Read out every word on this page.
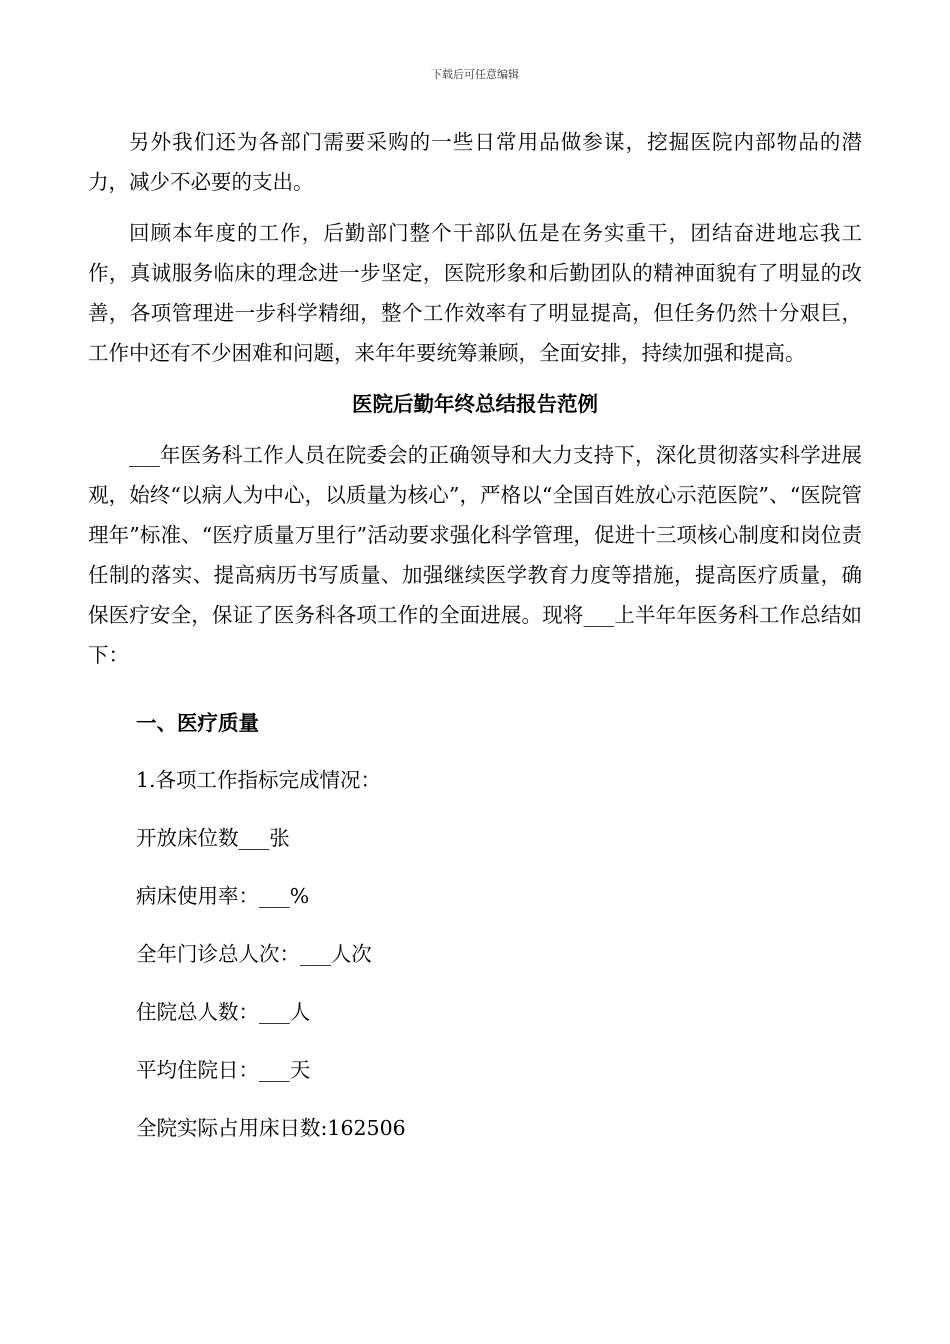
下载后可任意编辑

另外我们还为各部门需要采购的一些日常用品做参谋，挖掘医院内部物品的潜力，减少不必要的支出。

回顾本年度的工作，后勤部门整个干部队伍是在务实重干，团结奋进地忘我工作，真诚服务临床的理念进一步坚定，医院形象和后勤团队的精神面貌有了明显的改善，各项管理进一步科学精细，整个工作效率有了明显提高，但任务仍然十分艰巨，工作中还有不少困难和问题，来年年要统筹兼顾，全面安排，持续加强和提高。

医院后勤年终总结报告范例

___年医务科工作人员在院委会的正确领导和大力支持下，深化贯彻落实科学进展观，始终“以病人为中心，以质量为核心”，严格以“全国百姓放心示范医院”、“医院管理年”标准、“医疗质量万里行”活动要求强化科学管理，促进十三项核心制度和岗位责任制的落实、提高病历书写质量、加强继续医学教育力度等措施，提高医疗质量，确保医疗安全，保证了医务科各项工作的全面进展。现将___上半年年医务科工作总结如下：

一、医疗质量
1.各项工作指标完成情况：
开放床位数___张
病床使用率：___%
全年门诊总人次：___人次
住院总人数：___人
平均住院日：___天
全院实际占用床日数:162506
